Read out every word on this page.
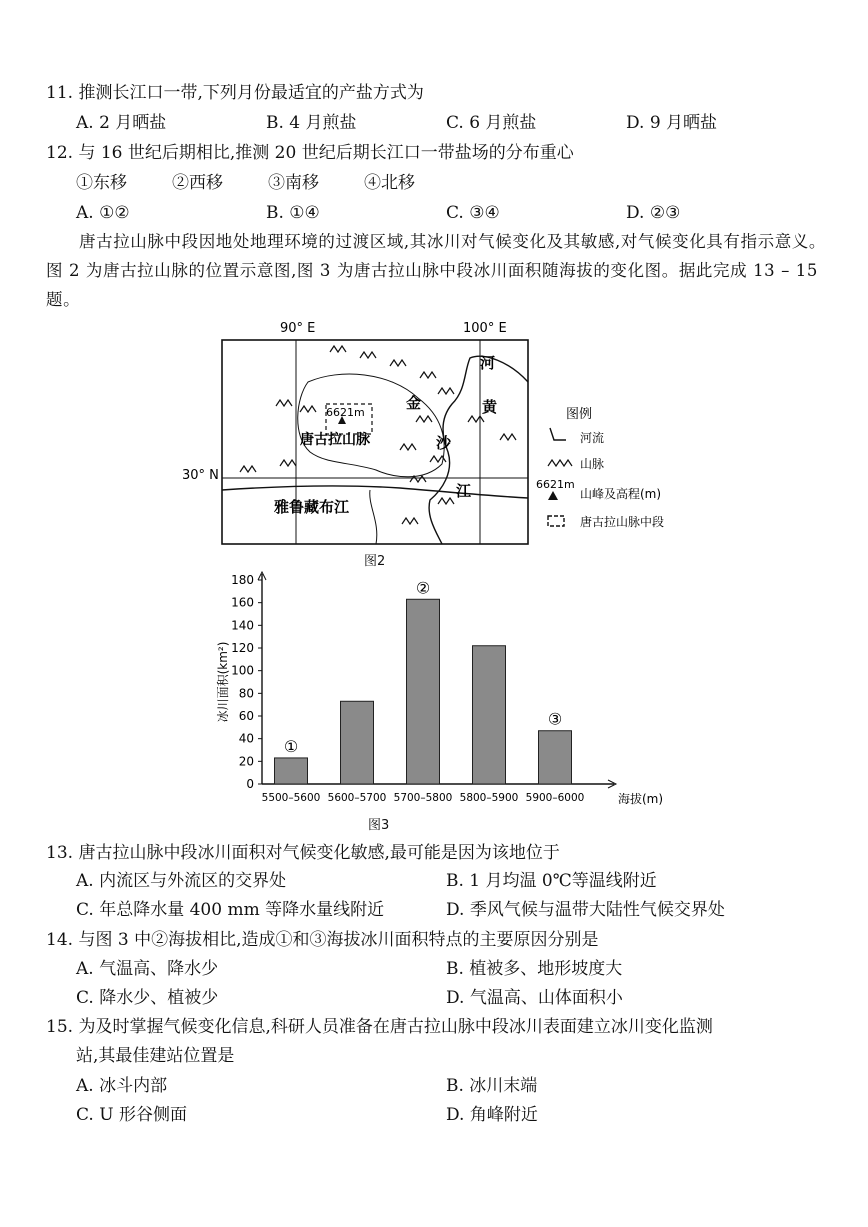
11. 推测长江口一带,下列月份最适宜的产盐方式为
A. 2 月晒盐	B. 4 月煎盐	C. 6 月煎盐	D. 9 月晒盐
12. 与 16 世纪后期相比,推测 20 世纪后期长江口一带盐场的分布重心
①东移	②西移	③南移	④北移
A. ①②	B. ①④	C. ③④	D. ②③
唐古拉山脉中段因地处地理环境的过渡区域,其冰川对气候变化及其敏感,对气候变化具有指示意义。图 2 为唐古拉山脉的位置示意图,图 3 为唐古拉山脉中段冰川面积随海拔的变化图。据此完成 13 – 15 题。
90° E	100° E
30° N
6621m
唐古拉山脉
河
黄
金
沙
江
雅鲁藏布江
图例
河流
山脉
6621m
山峰及高程(m)
唐古拉山脉中段
图2
0
20
40
60
80
100
120
140
160
180
5500–5600
①
5600–5700 5700–5800
②
5800–5900 5900–6000
③
海拔(m)
冰川面积(km²)
图3
13. 唐古拉山脉中段冰川面积对气候变化敏感,最可能是因为该地位于
A. 内流区与外流区的交界处	B. 1 月均温 0℃等温线附近
C. 年总降水量 400 mm 等降水量线附近	D. 季风气候与温带大陆性气候交界处
14. 与图 3 中②海拔相比,造成①和③海拔冰川面积特点的主要原因分别是
A. 气温高、降水少	B. 植被多、地形坡度大
C. 降水少、植被少	D. 气温高、山体面积小
15. 为及时掌握气候变化信息,科研人员准备在唐古拉山脉中段冰川表面建立冰川变化监测
站,其最佳建站位置是
A. 冰斗内部	B. 冰川末端
C. U 形谷侧面	D. 角峰附近
